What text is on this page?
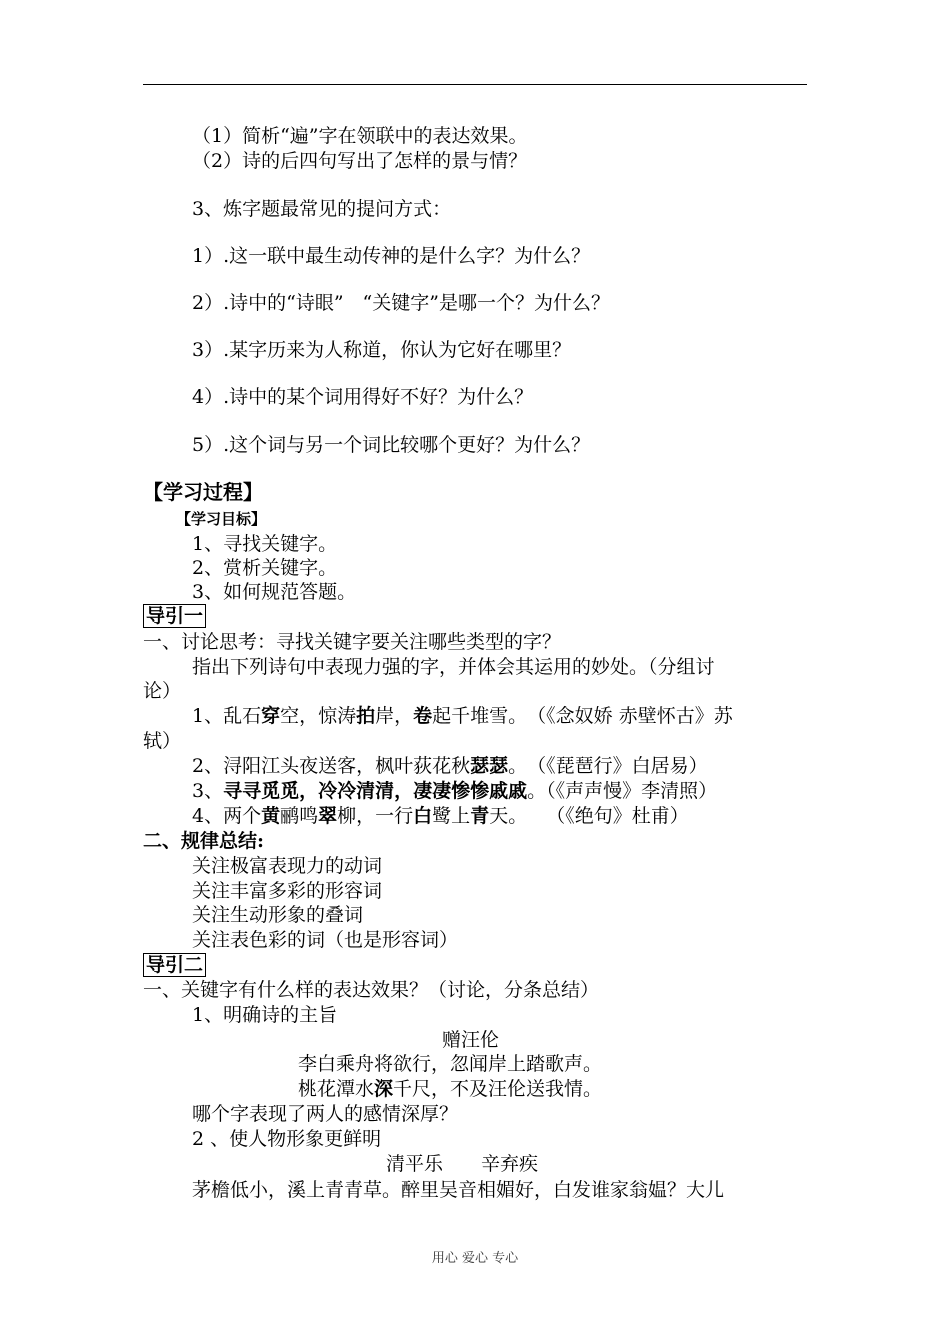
（1）简析“遍”字在领联中的表达效果。
（2）诗的后四句写出了怎样的景与情？
3、炼字题最常见的提问方式：
1）.这一联中最生动传神的是什么字？为什么？
2）.诗中的“诗眼”　“关键字”是哪一个？为什么？
3）.某字历来为人称道，你认为它好在哪里？
4）.诗中的某个词用得好不好？为什么？
5）.这个词与另一个词比较哪个更好？为什么？
【学习过程】
【学习目标】
1、寻找关键字。
2、赏析关键字。
3、如何规范答题。
导引一
一、讨论思考：寻找关键字要关注哪些类型的字？
指出下列诗句中表现力强的字，并体会其运用的妙处。（分组讨
论）
1、乱石穿空，惊涛拍岸，卷起千堆雪。　（《念奴娇 赤壁怀古》苏
轼）
2、浔阳江头夜送客，枫叶荻花秋瑟瑟。　（《琵琶行》白居易）
3、寻寻觅觅，冷冷清清，凄凄惨惨戚戚。（《声声慢》李清照）
4、两个黄鹂鸣翠柳，一行白鹭上青天。　　（《绝句》杜甫）
二、规律总结:
关注极富表现力的动词
关注丰富多彩的形容词
关注生动形象的叠词
关注表色彩的词（也是形容词）
导引二
一、关键字有什么样的表达效果？（讨论，分条总结）
1、明确诗的主旨
赠汪伦
李白乘舟将欲行，忽闻岸上踏歌声。
桃花潭水深千尺，不及汪伦送我情。
哪个字表现了两人的感情深厚？
2 、使人物形象更鲜明
清平乐　　辛弃疾
茅檐低小，溪上青青草。醉里吴音相媚好，白发谁家翁媪？大儿
用心 爱心 专心
